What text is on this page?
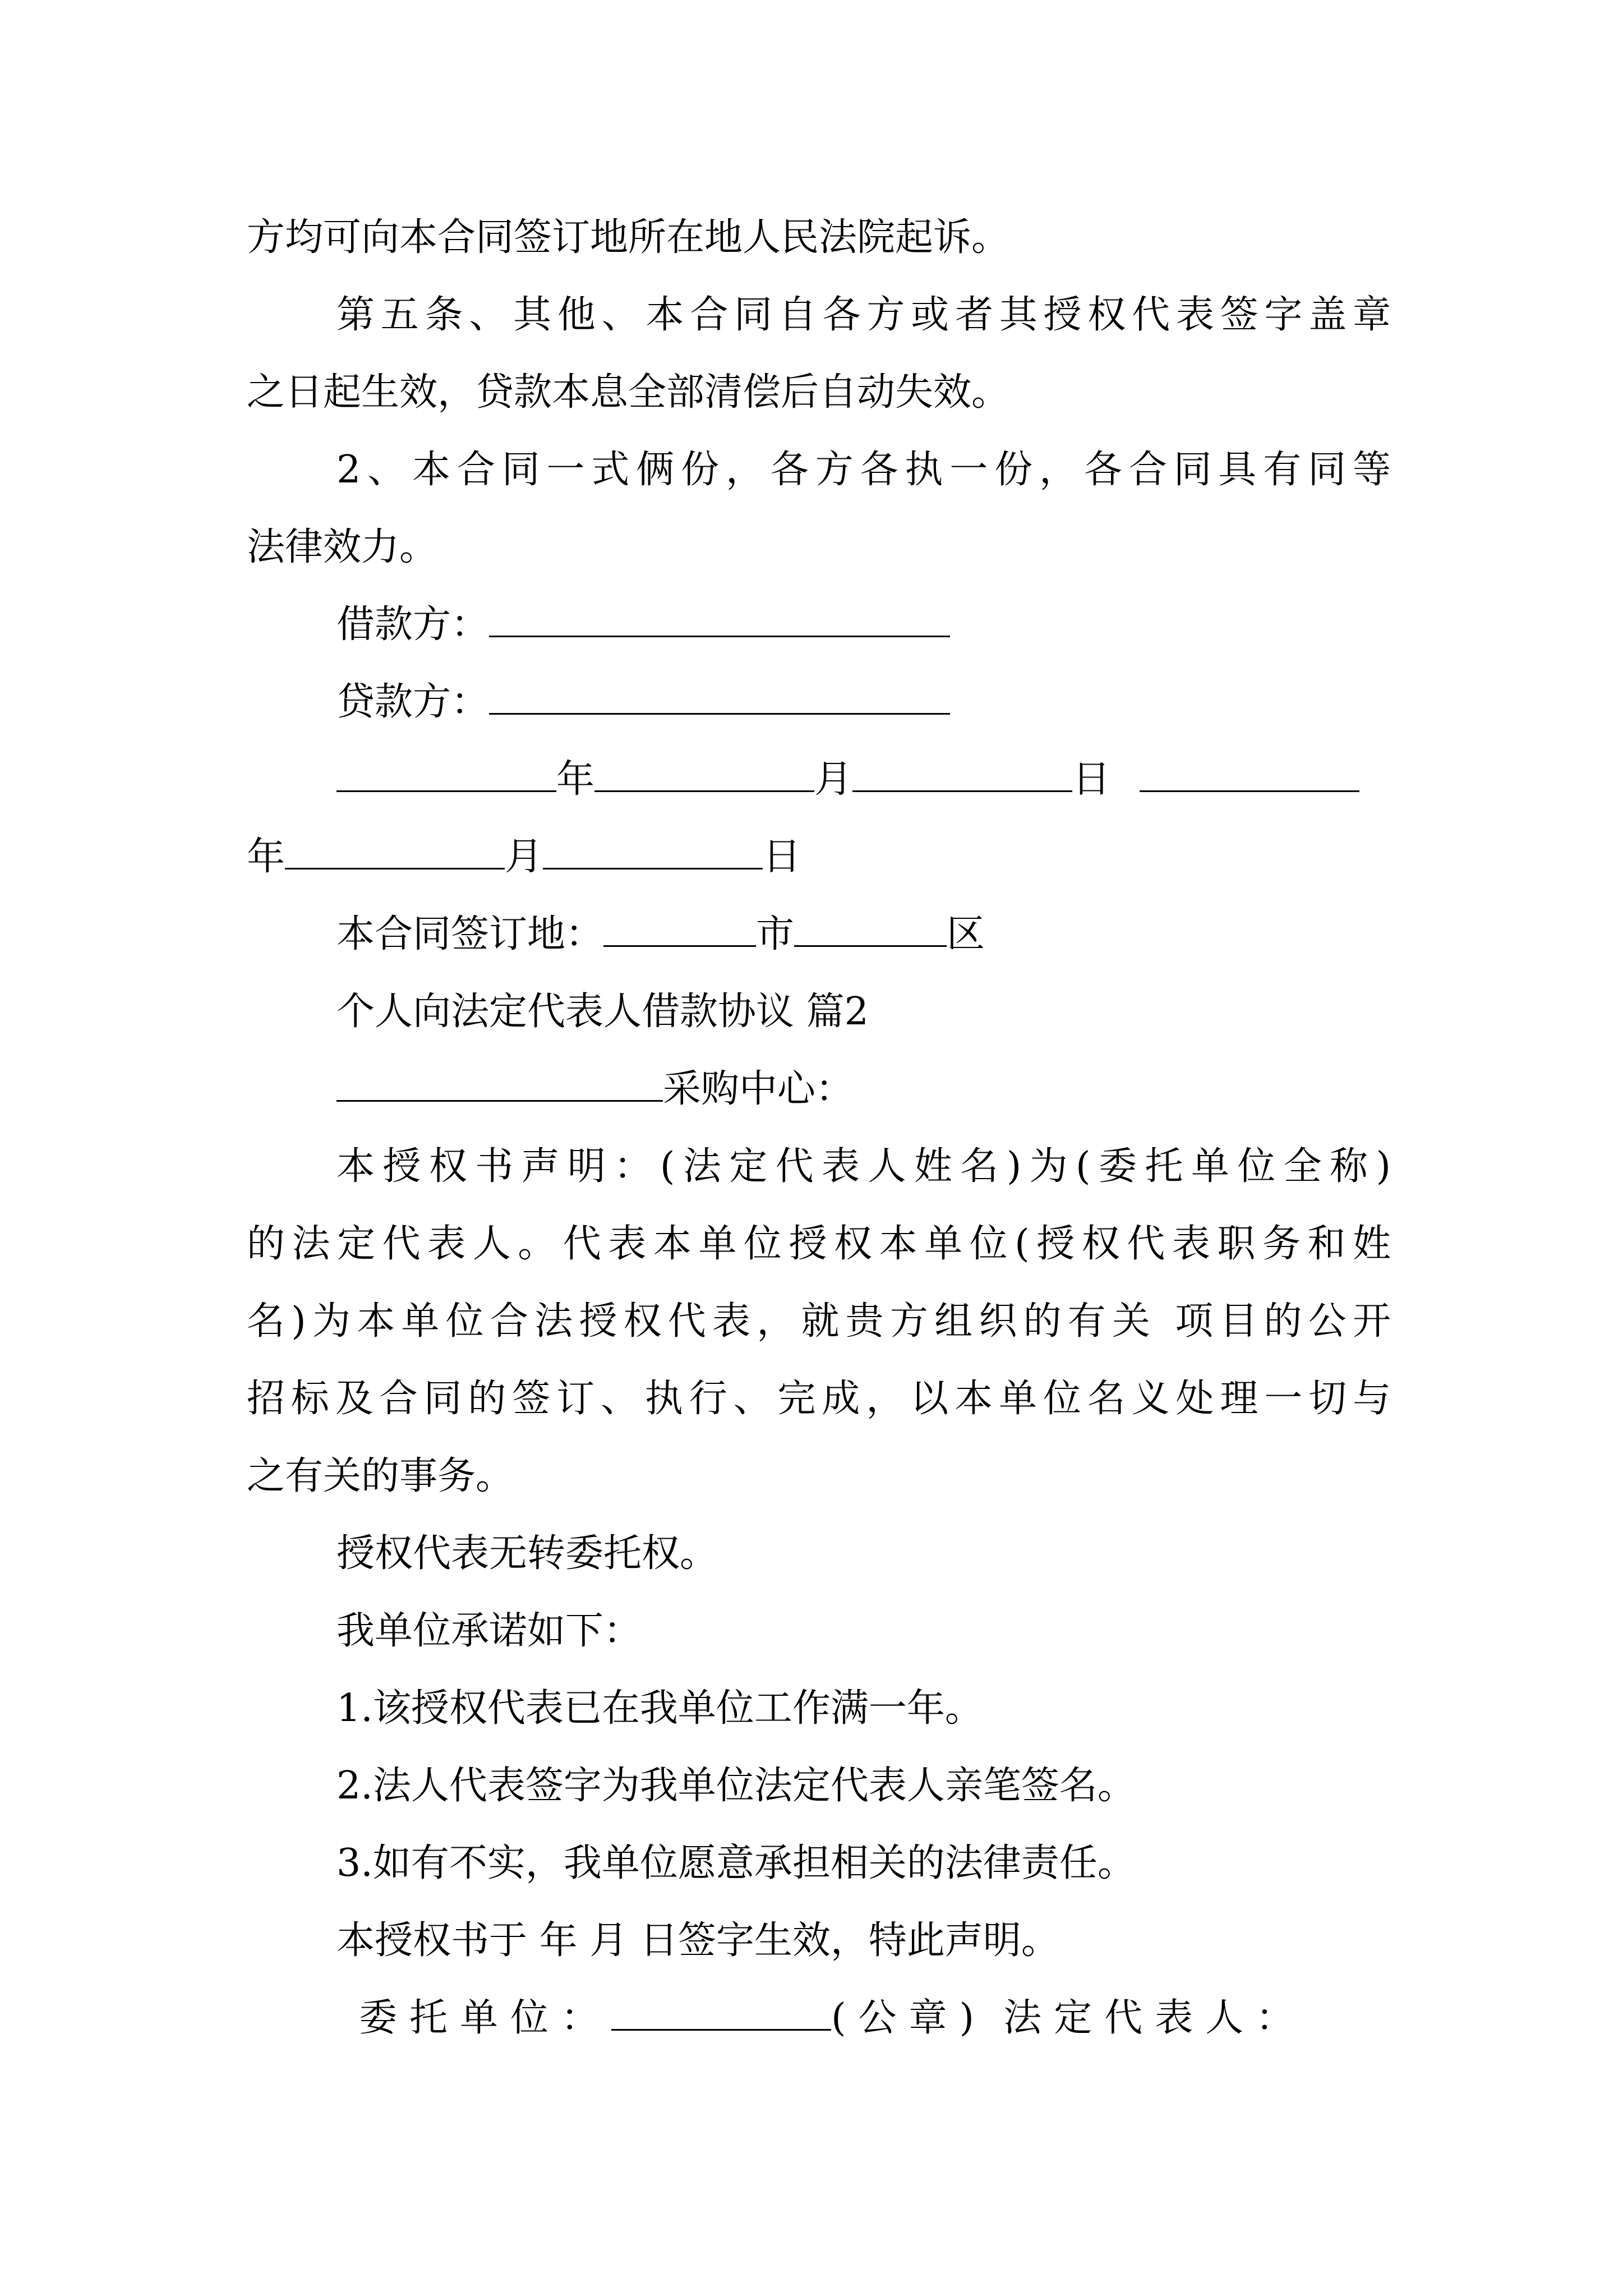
方均可向本合同签订地所在地人民法院起诉。
第五条、其他、本合同自各方或者其授权代表签字盖章
之日起生效，贷款本息全部清偿后自动失效。
2、本合同一式俩份，各方各执一份，各合同具有同等
法律效力。
借款方：
贷款方：
年	月	日
年	月	日
本合同签订地：	市	区
个人向法定代表人借款协议 篇2
采购中心：
本授权书声明：(法定代表人姓名)为(委托单位全称)
的法定代表人。代表本单位授权本单位(授权代表职务和姓
名)为本单位合法授权代表，就贵方组织的有关 项目的公开
招标及合同的签订、执行、完成，以本单位名义处理一切与
之有关的事务。
授权代表无转委托权。
我单位承诺如下：
1.该授权代表已在我单位工作满一年。
2.法人代表签字为我单位法定代表人亲笔签名。
3.如有不实，我单位愿意承担相关的法律责任。
本授权书于 年 月 日签字生效，特此声明。
委托单位：	(公章) 法定代表人：
